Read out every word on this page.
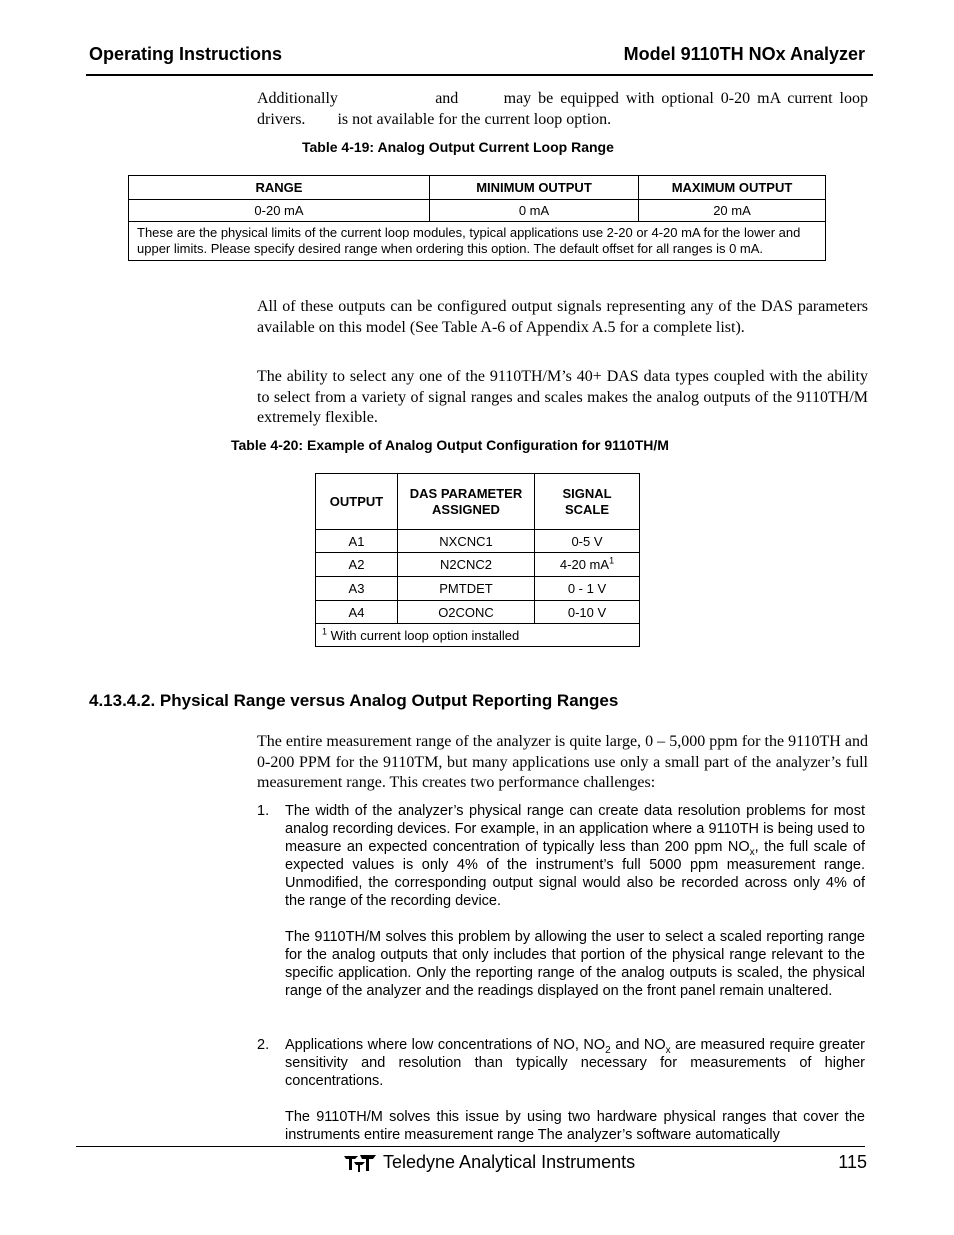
Operating Instructions	Model 9110TH NOx Analyzer
Additionally	and	may be equipped with optional 0-20 mA current loop
drivers. is not available for the current loop option.
Table 4-19: Analog Output Current Loop Range
RANGE	MINIMUM OUTPUT	MAXIMUM OUTPUT
0-20 mA	0 mA	20 mA
These are the physical limits of the current loop modules, typical applications use 2-20 or 4-20 mA for the lower and upper limits. Please specify desired range when ordering this option. The default offset for all ranges is 0 mA.		
All of these outputs can be configured output signals representing any of the DAS parameters available on this model (See Table A-6 of Appendix A.5 for a complete list).
The ability to select any one of the 9110TH/M’s 40+ DAS data types coupled with the ability to select from a variety of signal ranges and scales makes the analog outputs of the 9110TH/M extremely flexible.
Table 4-20: Example of Analog Output Configuration for 9110TH/M
OUTPUT	DAS PARAMETER ASSIGNED	SIGNAL SCALE
A1	NXCNC1	0-5 V
A2	N2CNC2	4-20 $mA^1$
A3	PMTDET	0 - 1 V
A4	O2CONC	0-10 V
$^1$ With current loop option installed		
4.13.4.2. Physical Range versus Analog Output Reporting Ranges
The entire measurement range of the analyzer is quite large, 0 – 5,000 ppm for the 9110TH and 0-200 PPM for the 9110TM, but many applications use only a small part of the analyzer’s full measurement range. This creates two performance challenges:
1. The width of the analyzer’s physical range can create data resolution problems for most analog recording devices. For example, in an application where a 9110TH is being used to measure an expected concentration of typically less than 200 ppm $NO_x$, the full scale of expected values is only 4% of the instrument’s full 5000 ppm measurement range. Unmodified, the corresponding output signal would also be recorded across only 4% of the range of the recording device.

The 9110TH/M solves this problem by allowing the user to select a scaled reporting range for the analog outputs that only includes that portion of the physical range relevant to the specific application. Only the reporting range of the analog outputs is scaled, the physical range of the analyzer and the readings displayed on the front panel remain unaltered.

2. Applications where low concentrations of NO, $NO_2$ and $NO_x$ are measured require greater sensitivity and resolution than typically necessary for measurements of higher concentrations.

The 9110TH/M solves this issue by using two hardware physical ranges that cover the instruments entire measurement range The analyzer’s software automatically

Teledyne Analytical Instruments	115
